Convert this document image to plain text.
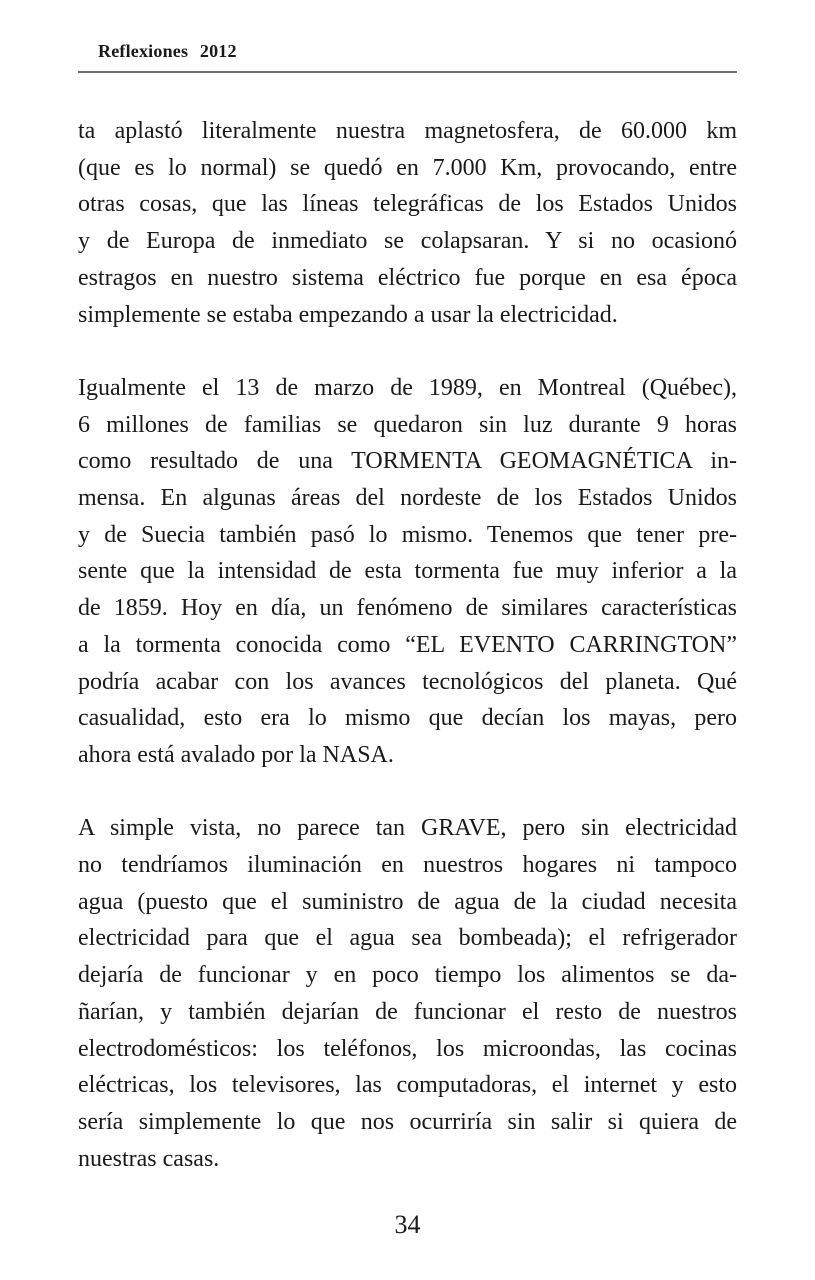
Reflexiones 2012
ta aplastó literalmente nuestra magnetosfera, de 60.000 km
(que es lo normal) se quedó en 7.000 Km, provocando, entre
otras cosas, que las líneas telegráficas de los Estados Unidos
y de Europa de inmediato se colapsaran. Y si no ocasionó
estragos en nuestro sistema eléctrico fue porque en esa época
simplemente se estaba empezando a usar la electricidad.
Igualmente el 13 de marzo de 1989, en Montreal (Québec),
6 millones de familias se quedaron sin luz durante 9 horas
como resultado de una TORMENTA GEOMAGNÉTICA in-
mensa. En algunas áreas del nordeste de los Estados Unidos
y de Suecia también pasó lo mismo. Tenemos que tener pre-
sente que la intensidad de esta tormenta fue muy inferior a la
de 1859. Hoy en día, un fenómeno de similares características
a la tormenta conocida como “EL EVENTO CARRINGTON”
podría acabar con los avances tecnológicos del planeta. Qué
casualidad, esto era lo mismo que decían los mayas, pero
ahora está avalado por la NASA.
A simple vista, no parece tan GRAVE, pero sin electricidad
no tendríamos iluminación en nuestros hogares ni tampoco
agua (puesto que el suministro de agua de la ciudad necesita
electricidad para que el agua sea bombeada); el refrigerador
dejaría de funcionar y en poco tiempo los alimentos se da-
ñarían, y también dejarían de funcionar el resto de nuestros
electrodomésticos: los teléfonos, los microondas, las cocinas
eléctricas, los televisores, las computadoras, el internet y esto
sería simplemente lo que nos ocurriría sin salir si quiera de
nuestras casas.
34
